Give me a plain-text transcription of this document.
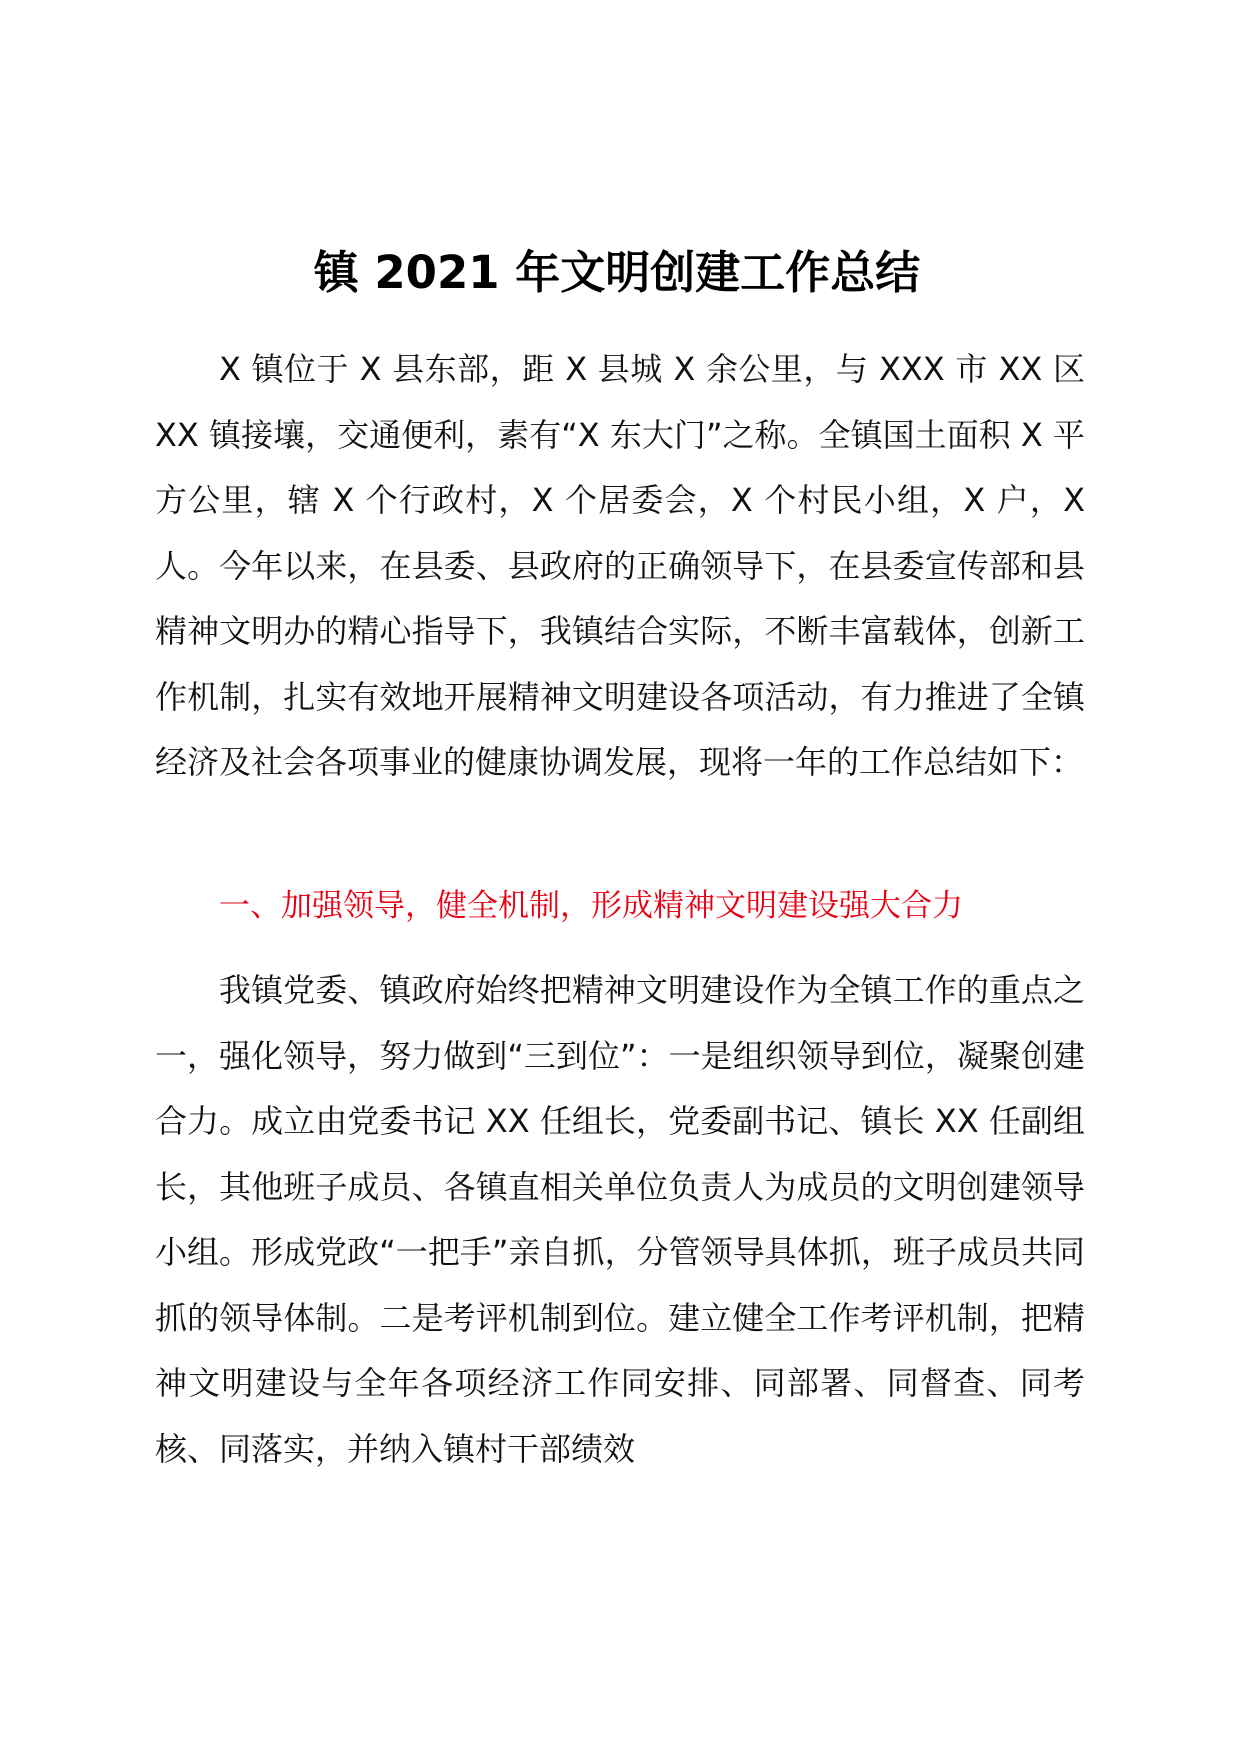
镇 2021 年文明创建工作总结

X 镇位于 X 县东部，距 X 县城 X 余公里，与 XXX 市 XX 区 XX 镇接壤，交通便利，素有“X 东大门”之称。全镇国土面积 X 平方公里，辖 X 个行政村，X 个居委会，X 个村民小组，X 户，X 人。今年以来，在县委、县政府的正确领导下，在县委宣传部和县精神文明办的精心指导下，我镇结合实际，不断丰富载体，创新工作机制，扎实有效地开展精神文明建设各项活动，有力推进了全镇经济及社会各项事业的健康协调发展，现将一年的工作总结如下：

一、加强领导，健全机制，形成精神文明建设强大合力

我镇党委、镇政府始终把精神文明建设作为全镇工作的重点之一，强化领导，努力做到“三到位”：一是组织领导到位，凝聚创建合力。成立由党委书记 XX 任组长，党委副书记、镇长 XX 任副组长，其他班子成员、各镇直相关单位负责人为成员的文明创建领导小组。形成党政“一把手”亲自抓，分管领导具体抓，班子成员共同抓的领导体制。二是考评机制到位。建立健全工作考评机制，把精神文明建设与全年各项经济工作同安排、同部署、同督查、同考核、同落实，并纳入镇村干部绩效
